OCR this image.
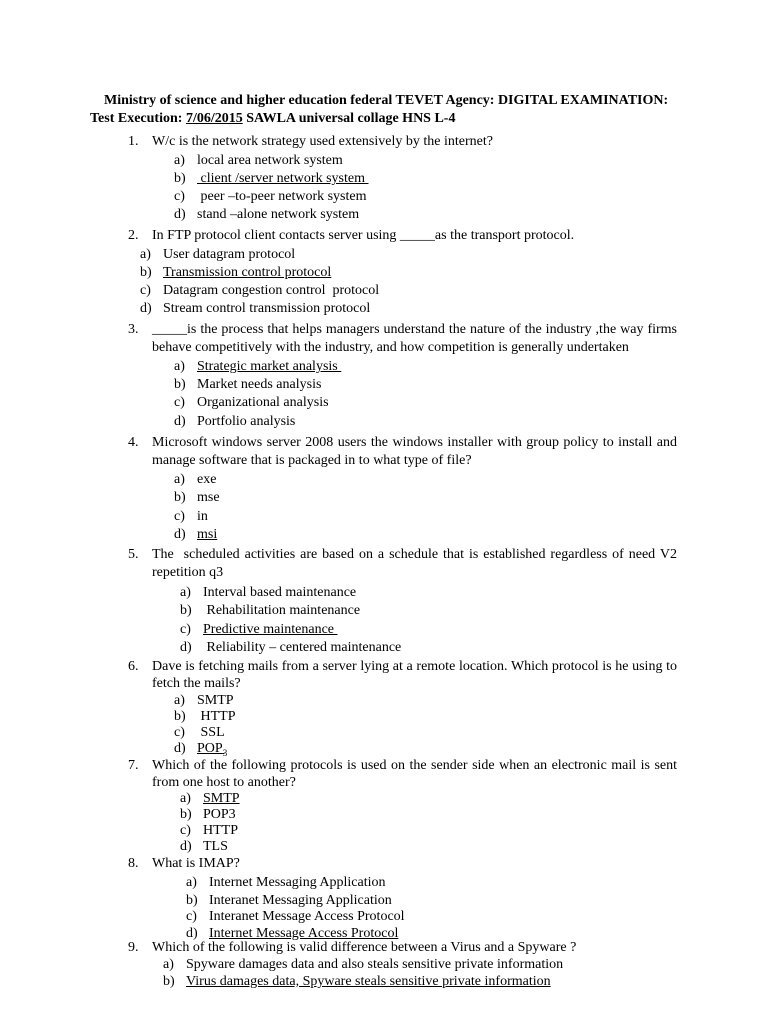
Ministry of science and higher education federal TEVET Agency: DIGITAL EXAMINATION:
Test Execution: 7/06/2015 SAWLA universal collage HNS L-4
1. W/c is the network strategy used extensively by the internet?
a) local area network system
b) client /server network system
c) peer –to-peer network system
d) stand –alone network system
2. In FTP protocol client contacts server using _____as the transport protocol.
a) User datagram protocol
b) Transmission control protocol
c) Datagram congestion control  protocol
d) Stream control transmission protocol
3. _____is the process that helps managers understand the nature of the industry ,the way firms behave competitively with the industry, and how competition is generally undertaken
a) Strategic market analysis
b) Market needs analysis
c) Organizational analysis
d) Portfolio analysis
4. Microsoft windows server 2008 users the windows installer with group policy to install and manage software that is packaged in to what type of file?
a) exe
b) mse
c) in
d) msi
5. The  scheduled activities are based on a schedule that is established regardless of need V2 repetition q3
a) Interval based maintenance
b) Rehabilitation maintenance
c) Predictive maintenance
d) Reliability – centered maintenance
6. Dave is fetching mails from a server lying at a remote location. Which protocol is he using to fetch the mails?
a) SMTP
b) HTTP
c) SSL
d) $POP_3$
7. Which of the following protocols is used on the sender side when an electronic mail is sent from one host to another?
a) SMTP
b) POP3
c) HTTP
d) TLS
8. What is IMAP?
a) Internet Messaging Application
b) Interanet Messaging Application
c) Interanet Message Access Protocol
d) Internet Message Access Protocol
9. Which of the following is valid difference between a Virus and a Spyware ?
a) Spyware damages data and also steals sensitive private information
b) Virus damages data, Spyware steals sensitive private information
